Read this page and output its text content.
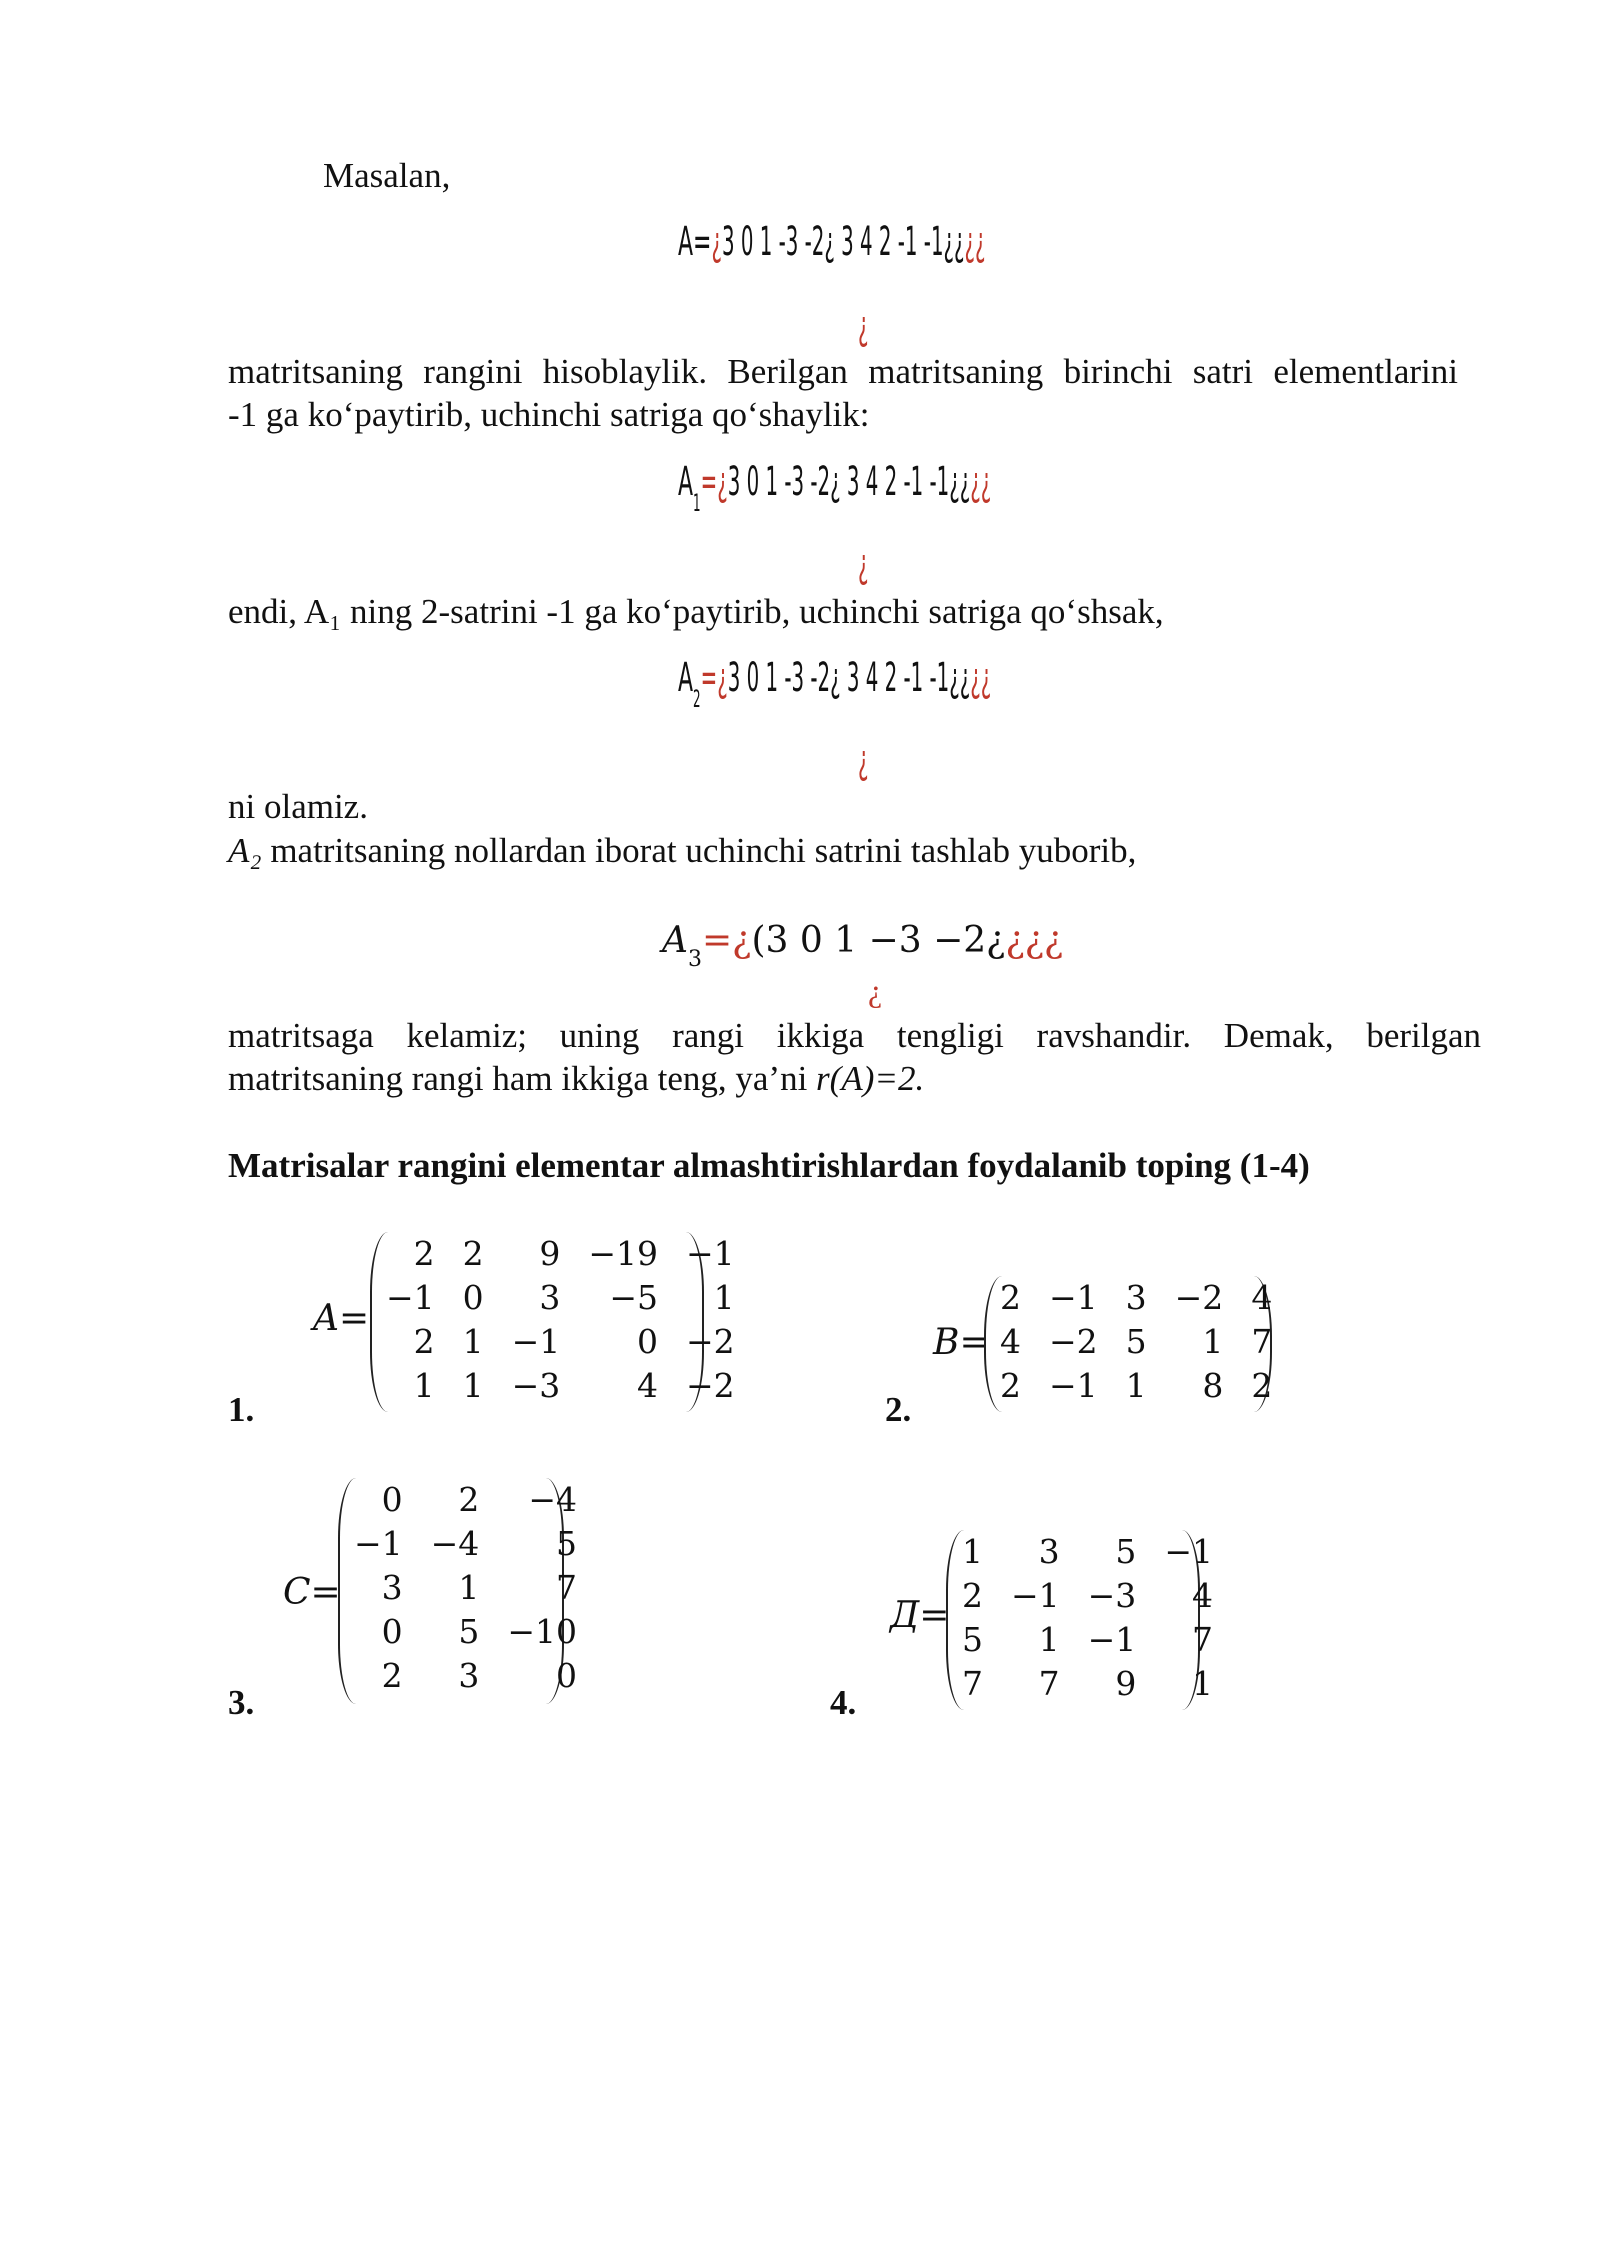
Masalan,
A=¿3 0 1 -3 -2¿ 3 4 2 -1 -1¿¿¿¿
¿
matritsaning rangini hisoblaylik. Berilgan matritsaning birinchi satri elementlarini
-1 ga ko‘paytirib, uchinchi satriga qo‘shaylik:
$A_1=¿3$ 0 1 -3 -2¿ 3 4 2 -1 -1¿¿¿¿
¿
endi, A₁ ning 2-satrini -1 ga ko‘paytirib, uchinchi satriga qo‘shsak,
$A_2=¿3$ 0 1 -3 -2¿ 3 4 2 -1 -1¿¿¿¿
¿
ni olamiz.
A₂ matritsaning nollardan iborat uchinchi satrini tashlab yuborib,
$A_3=¿(3$ 0 1 −3 −2¿¿¿¿
¿
matritsaga kelamiz; uning rangi ikkiga tengligi ravshandir. Demak, berilgan
matritsaning rangi ham ikkiga teng, ya’ni r(A)=2.
Matrisalar rangini elementar almashtirishlardan foydalanib toping (1-4)
A=
2	2	9	−19	−1
−1	0	3	−5	1
2	1	−1	0	−2
1	1	−3	4	−2
1.
B=
2	−1	3	−2	4
4	−2	5	1	7
2	−1	1	8	2
2.
C=
0	2	−4
−1	−4	5
3	1	7
0	5	−10
2	3	0
3.
Д=
1	3	5	−1
2	−1	−3	4
5	1	−1	7
7	7	9	1
4.
